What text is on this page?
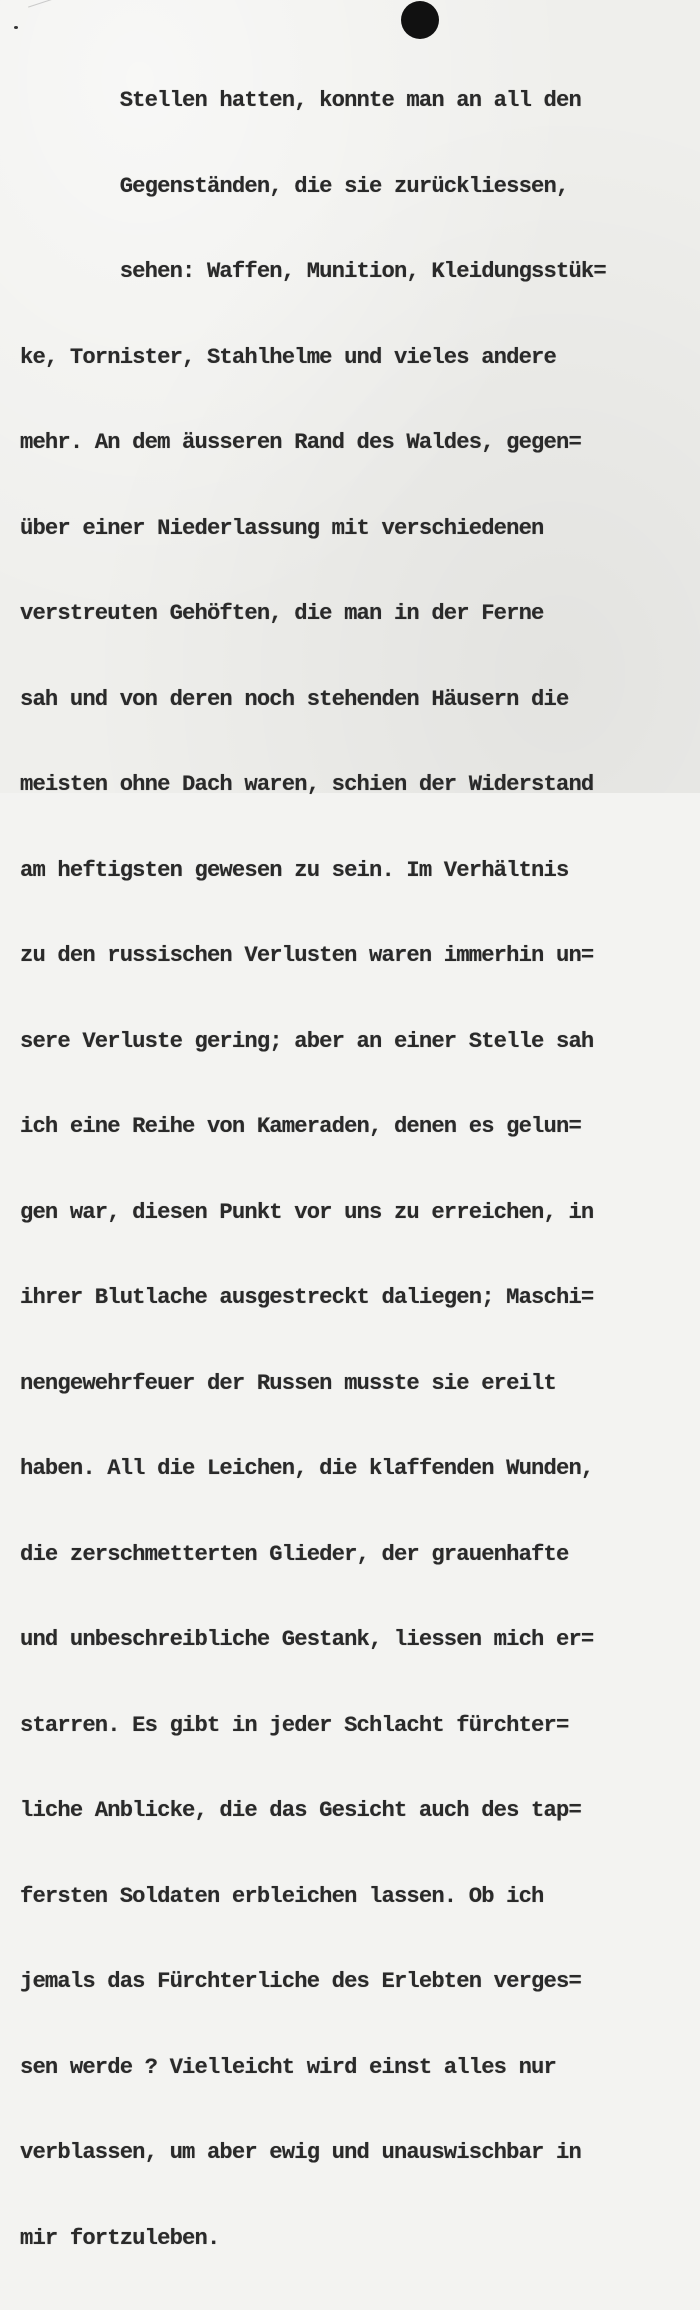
Stellen hatten, konnte man an all den

Gegenständen, die sie zurückliessen,

sehen: Waffen, Munition, Kleidungsstük=

ke, Tornister, Stahlhelme und vieles andere

mehr. An dem äusseren Rand des Waldes, gegen=

über einer Niederlassung mit verschiedenen

verstreuten Gehöften, die man in der Ferne

sah und von deren noch stehenden Häusern die

meisten ohne Dach waren, schien der Widerstand

am heftigsten gewesen zu sein. Im Verhältnis

zu den russischen Verlusten waren immerhin un=

sere Verluste gering; aber an einer Stelle sah

ich eine Reihe von Kameraden, denen es gelun=

gen war, diesen Punkt vor uns zu erreichen, in

ihrer Blutlache ausgestreckt daliegen; Maschi=

nengewehrfeuer der Russen musste sie ereilt

haben. All die Leichen, die klaffenden Wunden,

die zerschmetterten Glieder, der grauenhafte

und unbeschreibliche Gestank, liessen mich er=

starren. Es gibt in jeder Schlacht fürchter=

liche Anblicke, die das Gesicht auch des tap=

fersten Soldaten erbleichen lassen. Ob ich

jemals das Fürchterliche des Erlebten verges=

sen werde ? Vielleicht wird einst alles nur

verblassen, um aber ewig und unauswischbar in

mir fortzuleben.
